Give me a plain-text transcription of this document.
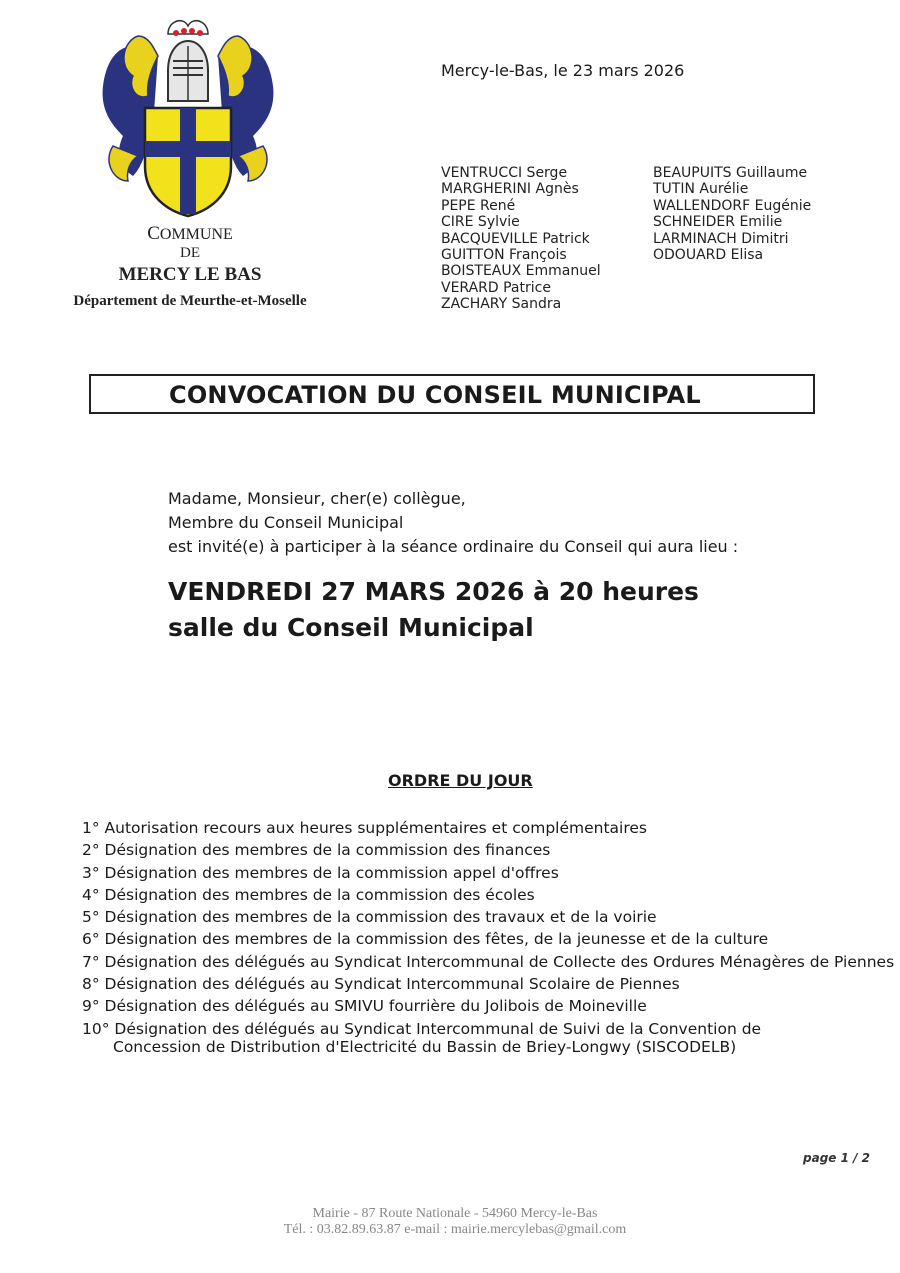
COMMUNE
DE
MERCY LE BAS
Département de Meurthe-et-Moselle
Mercy-le-Bas, le 23 mars 2026
VENTRUCCI Serge
MARGHERINI Agnès
PEPE René
CIRE Sylvie
BACQUEVILLE Patrick
GUITTON François
BOISTEAUX Emmanuel
VERARD Patrice
ZACHARY Sandra
BEAUPUITS Guillaume
TUTIN Aurélie
WALLENDORF Eugénie
SCHNEIDER Emilie
LARMINACH Dimitri
ODOUARD Elisa
CONVOCATION DU CONSEIL MUNICIPAL
Madame, Monsieur, cher(e) collègue,
Membre du Conseil Municipal
est invité(e) à participer à la séance ordinaire du Conseil qui aura lieu :
VENDREDI 27 MARS 2026 à 20 heures
salle du Conseil Municipal
ORDRE DU JOUR
1° Autorisation recours aux heures supplémentaires et complémentaires
2° Désignation des membres de la commission des finances
3° Désignation des membres de la commission appel d'offres
4° Désignation des membres de la commission des écoles
5° Désignation des membres de la commission des travaux et de la voirie
6° Désignation des membres de la commission des fêtes, de la jeunesse et de la culture
7° Désignation des délégués au Syndicat Intercommunal de Collecte des Ordures Ménagères de Piennes
8° Désignation des délégués au Syndicat Intercommunal Scolaire de Piennes
9° Désignation des délégués au SMIVU fourrière du Jolibois de Moineville
10° Désignation des délégués au Syndicat Intercommunal de Suivi de la Convention de
Concession de Distribution d'Electricité du Bassin de Briey-Longwy (SISCODELB)
page 1 / 2
Mairie - 87 Route Nationale - 54960 Mercy-le-Bas
Tél. : 03.82.89.63.87 e-mail : mairie.mercylebas@gmail.com
